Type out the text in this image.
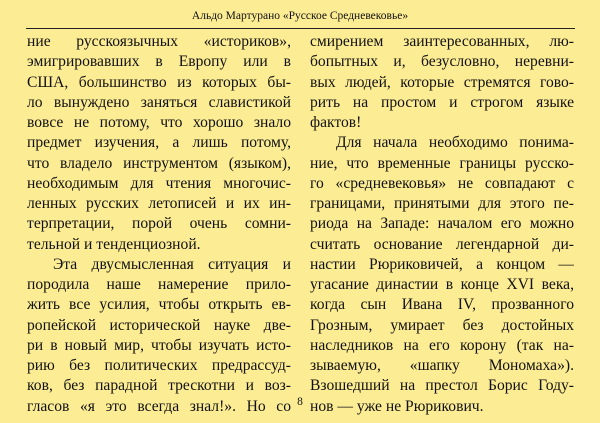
Альдо Мартурано «Русское Средневековье»
ние русскоязычных «историков»,
эмигрировавших в Европу или в
США, большинство из которых бы-
ло вынуждено заняться славистикой
вовсе не потому, что хорошо знало
предмет изучения, а лишь потому,
что владело инструментом (языком),
необходимым для чтения многочис-
ленных русских летописей и их ин-
терпретации, порой очень сомни-
тельной и тенденциозной.
Эта двусмысленная ситуация и
породила наше намерение прило-
жить все усилия, чтобы открыть ев-
ропейской исторической науке две-
ри в новый мир, чтобы изучать исто-
рию без политических предрассуд-
ков, без парадной трескотни и воз-
гласов «я это всегда знал!». Но со
смирением заинтересованных, лю-
бопытных и, безусловно, неревни-
вых людей, которые стремятся гово-
рить на простом и строгом языке
фактов!
Для начала необходимо понима-
ние, что временные границы русско-
го «средневековья» не совпадают с
границами, принятыми для этого пе-
риода на Западе: началом его можно
считать основание легендарной ди-
настии Рюриковичей, а концом —
угасание династии в конце XVI века,
когда сын Ивана IV, прозванного
Грозным, умирает без достойных
наследников на его корону (так на-
зываемую, «шапку Мономаха»).
Взошедший на престол Борис Году-
нов — уже не Рюрикович.
8
